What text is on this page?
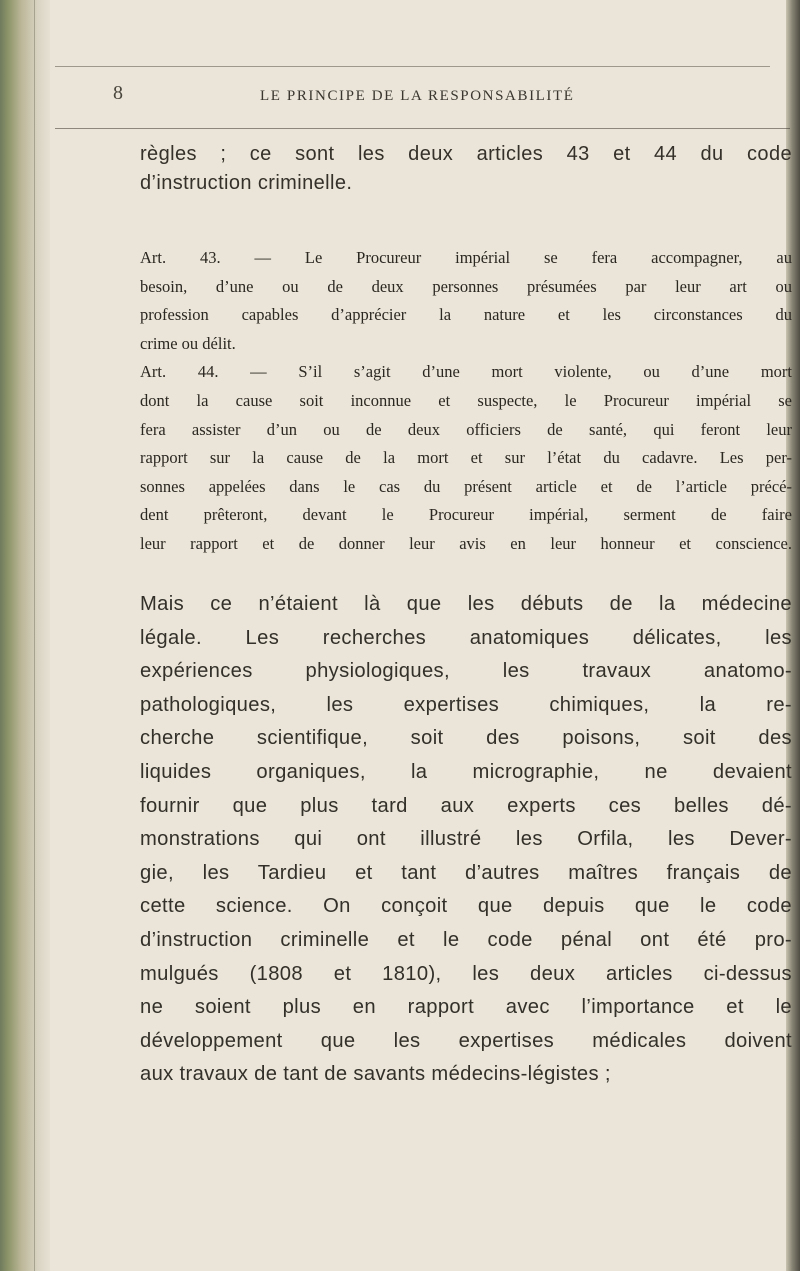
8	LE PRINCIPE DE LA RESPONSABILITÉ
règles ; ce sont les deux articles 43 et 44 du code
d’instruction criminelle.
Art. 43. — Le Procureur impérial se fera accompagner, au
besoin, d’une ou de deux personnes présumées par leur art ou
profession capables d’apprécier la nature et les circonstances du
crime ou délit.
Art. 44. — S’il s’agit d’une mort violente, ou d’une mort
dont la cause soit inconnue et suspecte, le Procureur impérial se
fera assister d’un ou de deux officiers de santé, qui feront leur
rapport sur la cause de la mort et sur l’état du cadavre. Les per-
sonnes appelées dans le cas du présent article et de l’article précé-
dent prêteront, devant le Procureur impérial, serment de faire
leur rapport et de donner leur avis en leur honneur et conscience.
Mais ce n’étaient là que les débuts de la médecine
légale. Les recherches anatomiques délicates, les
expériences physiologiques, les travaux anatomo-
pathologiques, les expertises chimiques, la re-
cherche scientifique, soit des poisons, soit des
liquides organiques, la micrographie, ne devaient
fournir que plus tard aux experts ces belles dé-
monstrations qui ont illustré les Orfila, les Dever-
gie, les Tardieu et tant d’autres maîtres français de
cette science. On conçoit que depuis que le code
d’instruction criminelle et le code pénal ont été pro-
mulgués (1808 et 1810), les deux articles ci-dessus
ne soient plus en rapport avec l’importance et le
développement que les expertises médicales doivent
aux travaux de tant de savants médecins-légistes ;
